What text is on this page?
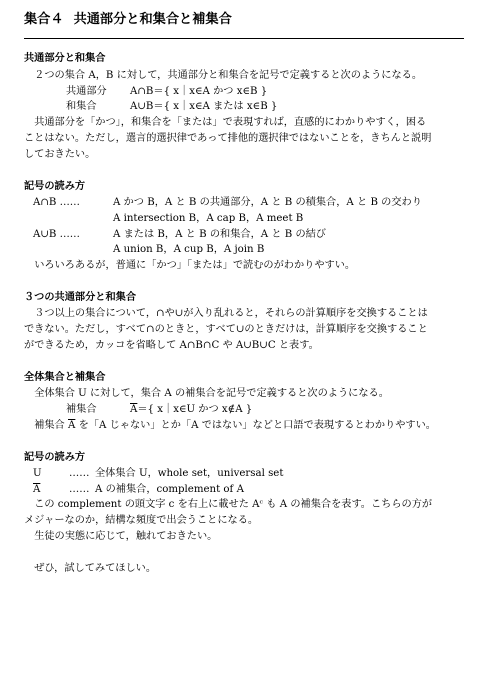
集合４ 共通部分と和集合と補集合
共通部分と和集合

２つの集合 A，B に対して，共通部分と和集合を記号で定義すると次のようになる。

共通部分	A∩B＝{ x｜x∈A かつ x∈B }
和集合	A∪B＝{ x｜x∈A または x∈B }

共通部分を「かつ」，和集合を「または」で表現すれば，直感的にわかりやすく，困る

ことはない。ただし，選言的選択律であって排他的選択律ではないことを，きちんと説明

しておきたい。

記号の読み方
A∩B ……	A かつ B，A と B の共通部分，A と B の積集合，A と B の交わり

A intersection B，A cap B，A meet B

A∪B ……	A または B，A と B の和集合，A と B の結び

A union B，A cup B，A join B

いろいろあるが，普通に「かつ」「または」で読むのがわかりやすい。

３つの共通部分と和集合

３つ以上の集合について，∩や∪が入り乱れると，それらの計算順序を交換することは

できない。ただし，すべて∩のときと，すべて∪のときだけは，計算順序を交換すること

ができるため，カッコを省略して A∩B∩C や A∪B∪C と表す。

全体集合と補集合

全体集合 U に対して，集合 A の補集合を記号で定義すると次のようになる。

補集合	$\overline{A}=${ x｜x∈U かつ x∉A }

補集合 $\overline{A}$ を「A じゃない」とか「A ではない」などと口語で表現するとわかりやすい。

記号の読み方
U	…… 全体集合 U，whole set，universal set
$\overline{A}$	…… A の補集合，complement of A

この complement の頭文字 c を右上に載せた Aᶜ も A の補集合を表す。こちらの方が

メジャーなのか，結構な頻度で出会うことになる。

生徒の実態に応じて，触れておきたい。

ぜひ，試してみてほしい。
